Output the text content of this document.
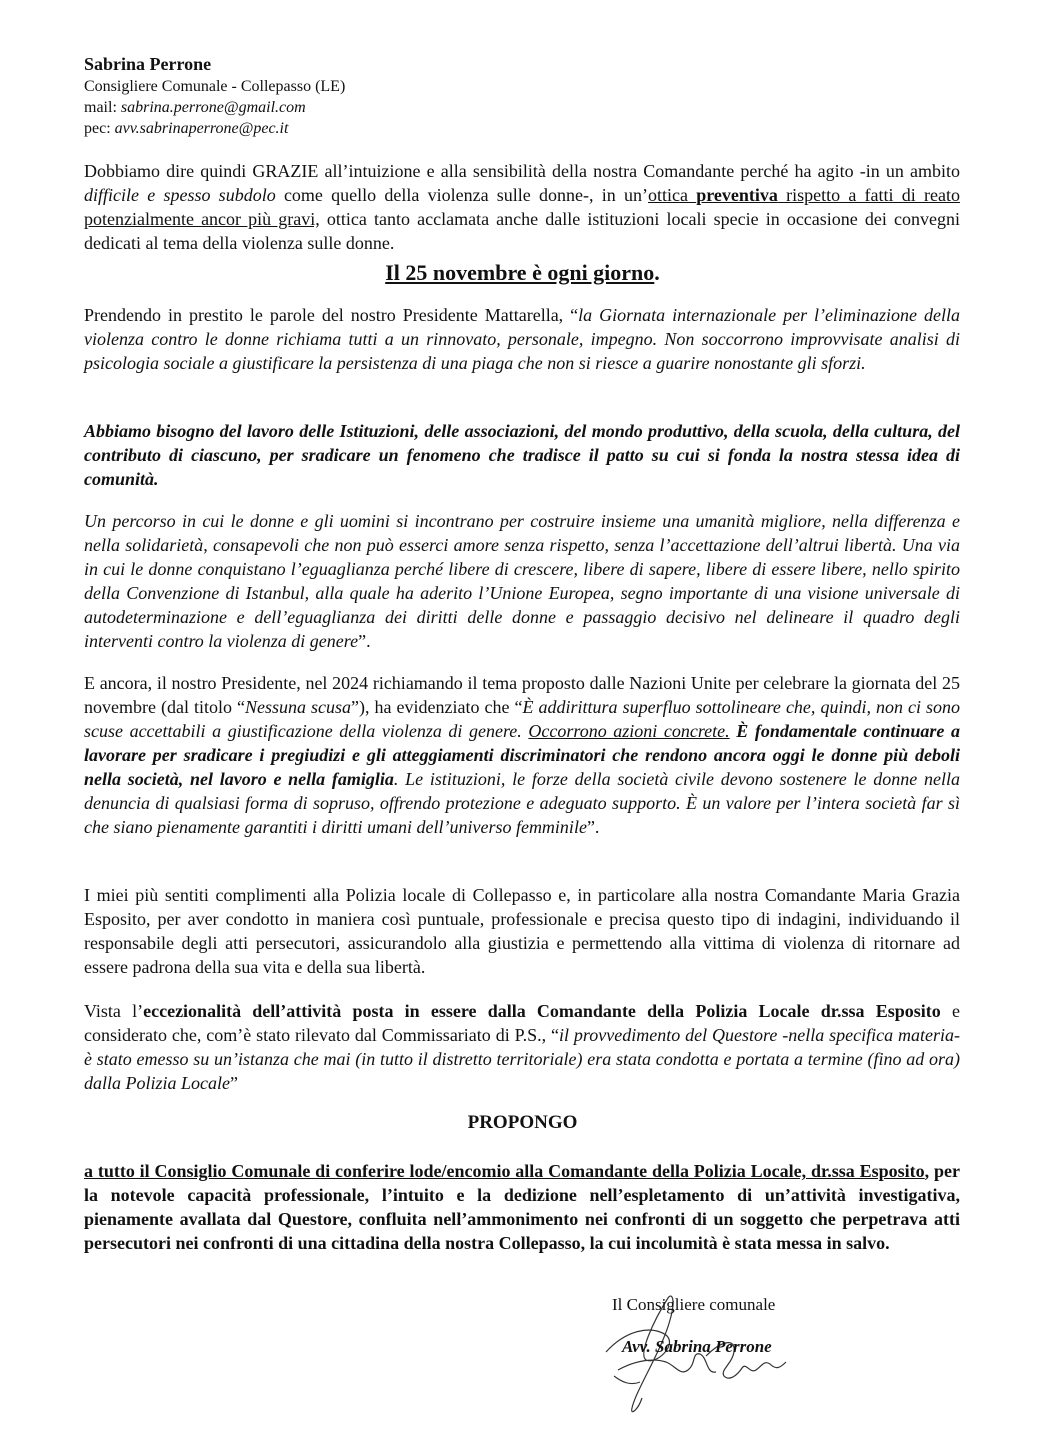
Sabrina Perrone
Consigliere Comunale - Collepasso (LE)
mail: sabrina.perrone@gmail.com
pec: avv.sabrinaperrone@pec.it
Dobbiamo dire quindi GRAZIE all’intuizione e alla sensibilità della nostra Comandante perché ha agito -in un ambito difficile e spesso subdolo come quello della violenza sulle donne-, in un’ottica preventiva rispetto a fatti di reato potenzialmente ancor più gravi, ottica tanto acclamata anche dalle istituzioni locali specie in occasione dei convegni dedicati al tema della violenza sulle donne.
Il 25 novembre è ogni giorno.
Prendendo in prestito le parole del nostro Presidente Mattarella, “la Giornata internazionale per l’eliminazione della violenza contro le donne richiama tutti a un rinnovato, personale, impegno. Non soccorrono improvvisate analisi di psicologia sociale a giustificare la persistenza di una piaga che non si riesce a guarire nonostante gli sforzi.
Abbiamo bisogno del lavoro delle Istituzioni, delle associazioni, del mondo produttivo, della scuola, della cultura, del contributo di ciascuno, per sradicare un fenomeno che tradisce il patto su cui si fonda la nostra stessa idea di comunità.
Un percorso in cui le donne e gli uomini si incontrano per costruire insieme una umanità migliore, nella differenza e nella solidarietà, consapevoli che non può esserci amore senza rispetto, senza l’accettazione dell’altrui libertà. Una via in cui le donne conquistano l’eguaglianza perché libere di crescere, libere di sapere, libere di essere libere, nello spirito della Convenzione di Istanbul, alla quale ha aderito l’Unione Europea, segno importante di una visione universale di autodeterminazione e dell’eguaglianza dei diritti delle donne e passaggio decisivo nel delineare il quadro degli interventi contro la violenza di genere”.
E ancora, il nostro Presidente, nel 2024 richiamando il tema proposto dalle Nazioni Unite per celebrare la giornata del 25 novembre (dal titolo “Nessuna scusa”), ha evidenziato che “È addirittura superfluo sottolineare che, quindi, non ci sono scuse accettabili a giustificazione della violenza di genere. Occorrono azioni concrete. È fondamentale continuare a lavorare per sradicare i pregiudizi e gli atteggiamenti discriminatori che rendono ancora oggi le donne più deboli nella società, nel lavoro e nella famiglia. Le istituzioni, le forze della società civile devono sostenere le donne nella denuncia di qualsiasi forma di sopruso, offrendo protezione e adeguato supporto. È un valore per l’intera società far sì che siano pienamente garantiti i diritti umani dell’universo femminile”.
I miei più sentiti complimenti alla Polizia locale di Collepasso e, in particolare alla nostra Comandante Maria Grazia Esposito, per aver condotto in maniera così puntuale, professionale e precisa questo tipo di indagini, individuando il responsabile degli atti persecutori, assicurandolo alla giustizia e permettendo alla vittima di violenza di ritornare ad essere padrona della sua vita e della sua libertà.
Vista l’eccezionalità dell’attività posta in essere dalla Comandante della Polizia Locale dr.ssa Esposito e considerato che, com’è stato rilevato dal Commissariato di P.S., “il provvedimento del Questore -nella specifica materia- è stato emesso su un’istanza che mai (in tutto il distretto territoriale) era stata condotta e portata a termine (fino ad ora) dalla Polizia Locale”
PROPONGO
a tutto il Consiglio Comunale di conferire lode/encomio alla Comandante della Polizia Locale, dr.ssa Esposito, per la notevole capacità professionale, l’intuito e la dedizione nell’espletamento di un’attività investigativa, pienamente avallata dal Questore, confluita nell’ammonimento nei confronti di un soggetto che perpetrava atti persecutori nei confronti di una cittadina della nostra Collepasso, la cui incolumità è stata messa in salvo.
Il Consigliere comunale
Avv. Sabrina Perrone
